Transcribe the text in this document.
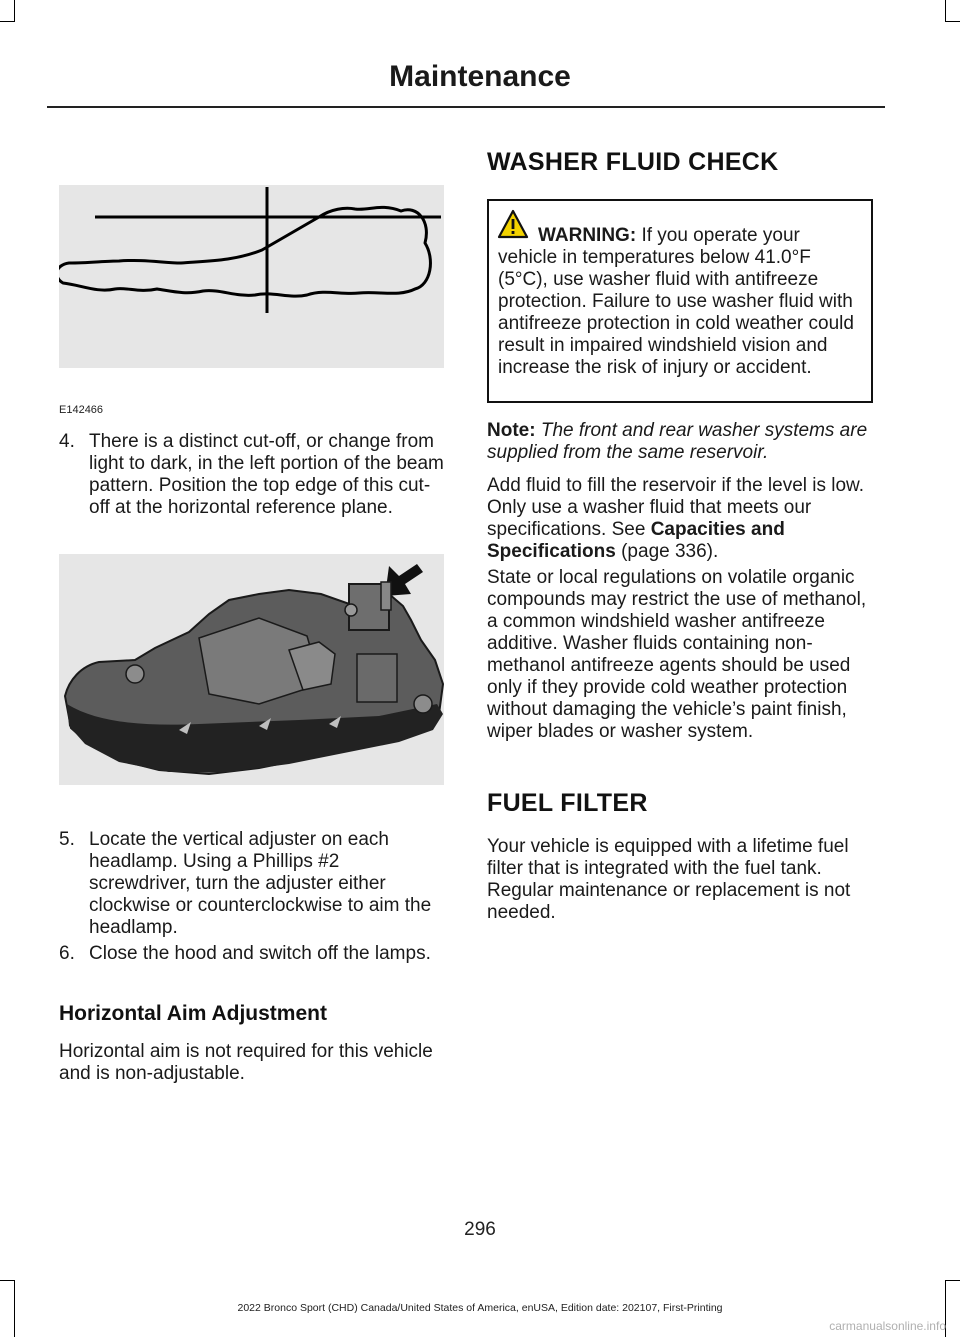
Maintenance
E142466
4. There is a distinct cut-off, or change from light to dark, in the left portion of the beam pattern. Position the top edge of this cut-off at the horizontal reference plane.
5. Locate the vertical adjuster on each headlamp. Using a Phillips #2 screwdriver, turn the adjuster either clockwise or counterclockwise to aim the headlamp.
6. Close the hood and switch off the lamps.
Horizontal Aim Adjustment
Horizontal aim is not required for this vehicle and is non-adjustable.
WASHER FLUID CHECK
WARNING: If you operate your vehicle in temperatures below 41.0°F (5°C), use washer fluid with antifreeze protection. Failure to use washer fluid with antifreeze protection in cold weather could result in impaired windshield vision and increase the risk of injury or accident.
Note: The front and rear washer systems are supplied from the same reservoir.
Add fluid to fill the reservoir if the level is low. Only use a washer fluid that meets our specifications. See Capacities and Specifications (page 336).
State or local regulations on volatile organic compounds may restrict the use of methanol, a common windshield washer antifreeze additive. Washer fluids containing non-methanol antifreeze agents should be used only if they provide cold weather protection without damaging the vehicle’s paint finish, wiper blades or washer system.
FUEL FILTER
Your vehicle is equipped with a lifetime fuel filter that is integrated with the fuel tank. Regular maintenance or replacement is not needed.
296
2022 Bronco Sport (CHD) Canada/United States of America, enUSA, Edition date: 202107, First-Printing
carmanualsonline.info
